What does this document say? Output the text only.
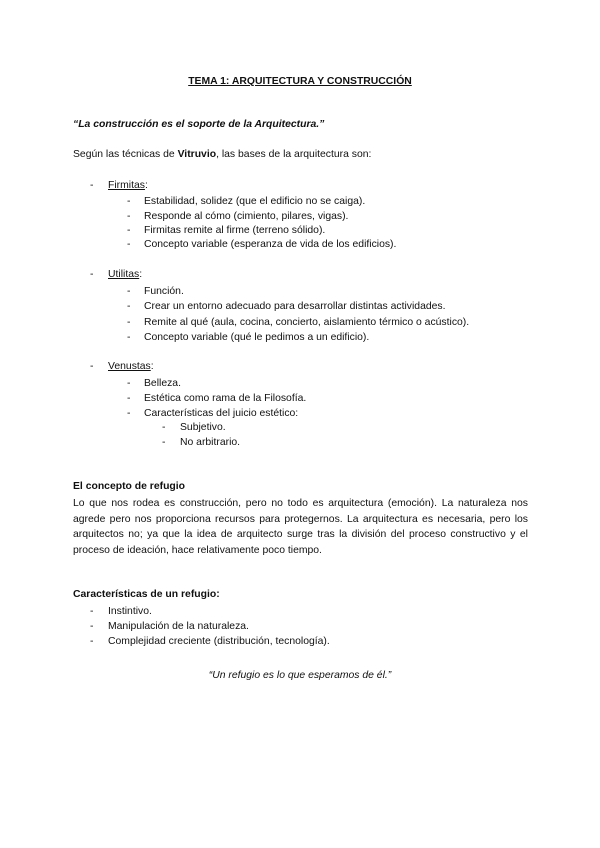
TEMA 1: ARQUITECTURA Y CONSTRUCCIÓN
“La construcción es el soporte de la Arquitectura.”
Según las técnicas de Vitruvio, las bases de la arquitectura son:
- Firmitas:
- Estabilidad, solidez (que el edificio no se caiga).
- Responde al cómo (cimiento, pilares, vigas).
- Firmitas remite al firme (terreno sólido).
- Concepto variable (esperanza de vida de los edificios).
- Utilitas:
- Función.
- Crear un entorno adecuado para desarrollar distintas actividades.
- Remite al qué (aula, cocina, concierto, aislamiento térmico o acústico).
- Concepto variable (qué le pedimos a un edificio).
- Venustas:
- Belleza.
- Estética como rama de la Filosofía.
- Características del juicio estético:
- Subjetivo.
- No arbitrario.
El concepto de refugio
Lo que nos rodea es construcción, pero no todo es arquitectura (emoción). La naturaleza nos agrede pero nos proporciona recursos para protegernos. La arquitectura es necesaria, pero los arquitectos no; ya que la idea de arquitecto surge tras la división del proceso constructivo y el proceso de ideación, hace relativamente poco tiempo.
Características de un refugio:
- Instintivo.
- Manipulación de la naturaleza.
- Complejidad creciente (distribución, tecnología).
“Un refugio es lo que esperamos de él.”
